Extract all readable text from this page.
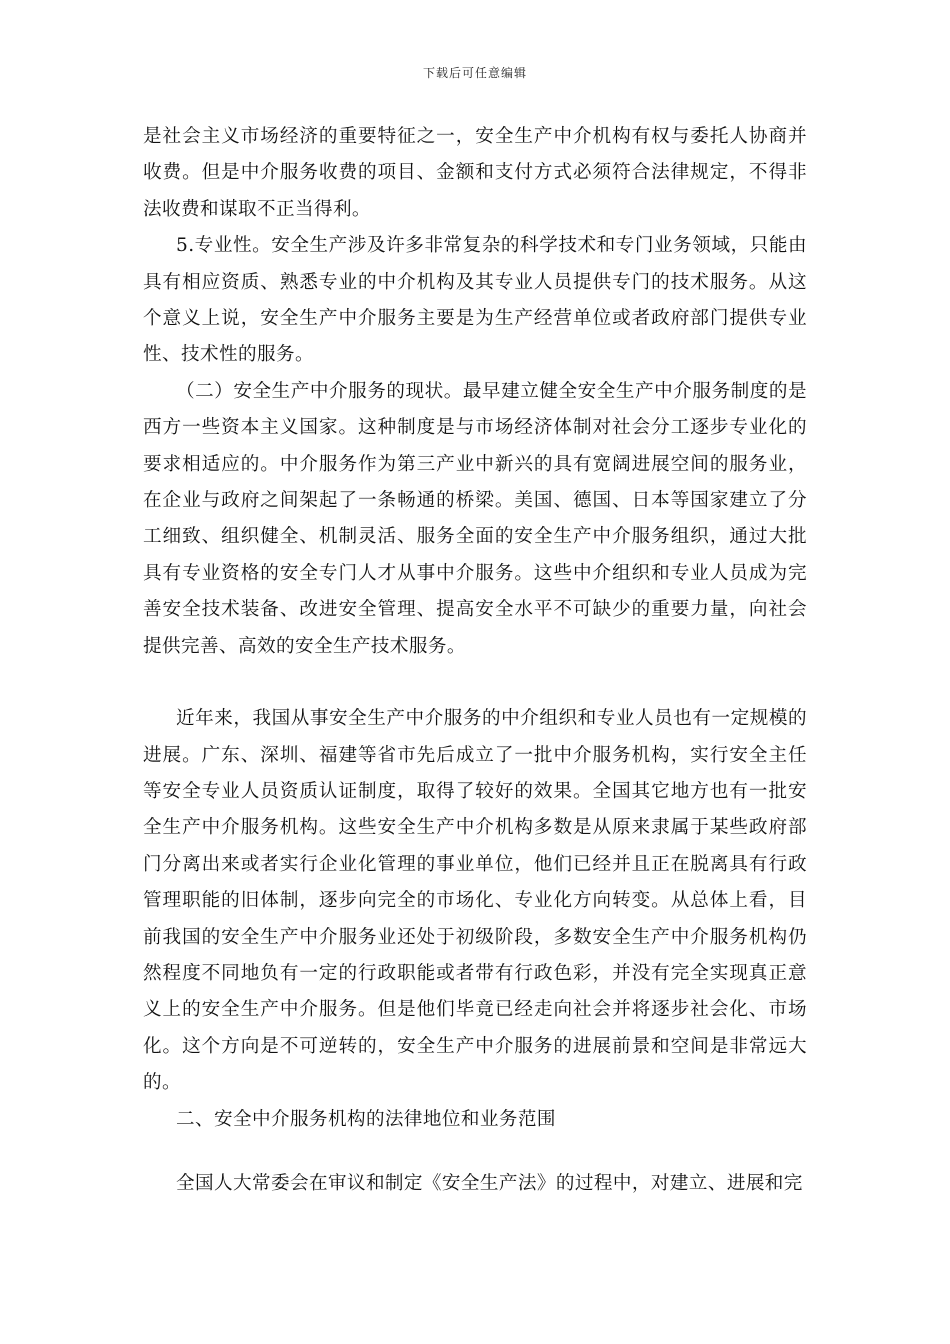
下载后可任意编辑

是社会主义市场经济的重要特征之一，安全生产中介机构有权与委托人协商并收费。但是中介服务收费的项目、金额和支付方式必须符合法律规定，不得非法收费和谋取不正当得利。

5.专业性。安全生产涉及许多非常复杂的科学技术和专门业务领域，只能由具有相应资质、熟悉专业的中介机构及其专业人员提供专门的技术服务。从这个意义上说，安全生产中介服务主要是为生产经营单位或者政府部门提供专业性、技术性的服务。

（二）安全生产中介服务的现状。最早建立健全安全生产中介服务制度的是西方一些资本主义国家。这种制度是与市场经济体制对社会分工逐步专业化的要求相适应的。中介服务作为第三产业中新兴的具有宽阔进展空间的服务业，在企业与政府之间架起了一条畅通的桥梁。美国、德国、日本等国家建立了分工细致、组织健全、机制灵活、服务全面的安全生产中介服务组织，通过大批具有专业资格的安全专门人才从事中介服务。这些中介组织和专业人员成为完善安全技术装备、改进安全管理、提高安全水平不可缺少的重要力量，向社会提供完善、高效的安全生产技术服务。

近年来，我国从事安全生产中介服务的中介组织和专业人员也有一定规模的进展。广东、深圳、福建等省市先后成立了一批中介服务机构，实行安全主任等安全专业人员资质认证制度，取得了较好的效果。全国其它地方也有一批安全生产中介服务机构。这些安全生产中介机构多数是从原来隶属于某些政府部门分离出来或者实行企业化管理的事业单位，他们已经并且正在脱离具有行政管理职能的旧体制，逐步向完全的市场化、专业化方向转变。从总体上看，目前我国的安全生产中介服务业还处于初级阶段，多数安全生产中介服务机构仍然程度不同地负有一定的行政职能或者带有行政色彩，并没有完全实现真正意义上的安全生产中介服务。但是他们毕竟已经走向社会并将逐步社会化、市场化。这个方向是不可逆转的，安全生产中介服务的进展前景和空间是非常远大的。

二、安全中介服务机构的法律地位和业务范围

全国人大常委会在审议和制定《安全生产法》的过程中，对建立、进展和完
